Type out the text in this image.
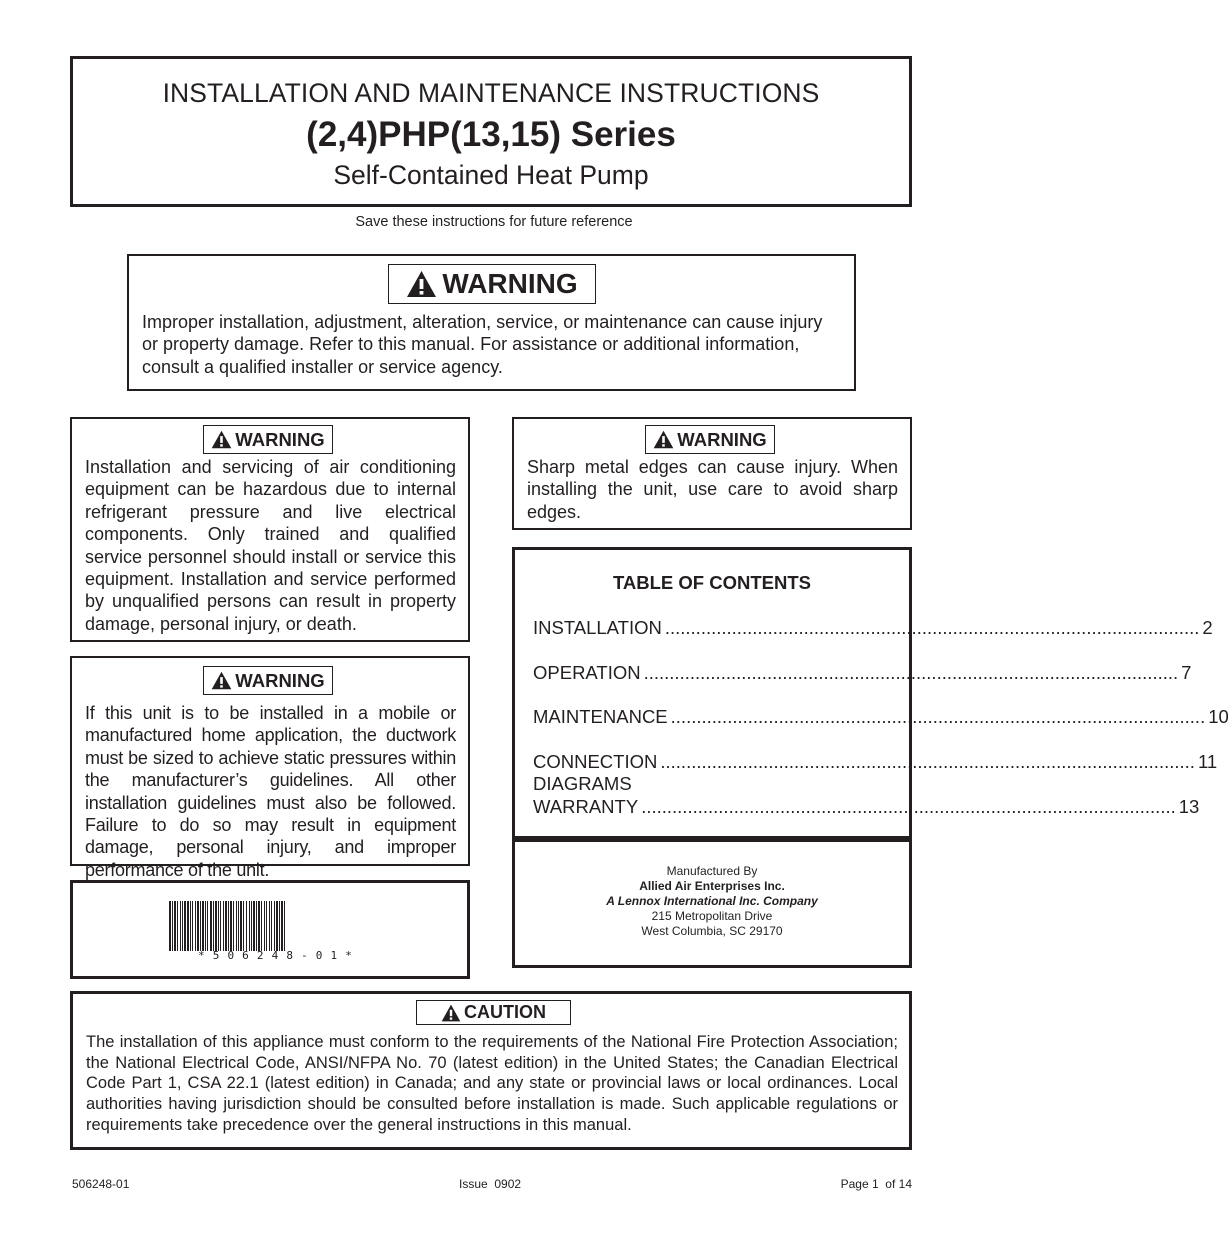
INSTALLATION AND MAINTENANCE INSTRUCTIONS
(2,4)PHP(13,15) Series
Self-Contained Heat Pump
Save these instructions for future reference
WARNING
Improper installation, adjustment, alteration, service, or maintenance can cause injury or property damage. Refer to this manual. For assistance or additional information, consult a qualified installer or service agency.
WARNING
Installation and servicing of air conditioning equipment can be hazardous due to internal refrigerant pressure and live electrical components. Only trained and qualified service personnel should install or service this equipment. Installation and service performed by unqualified persons can result in property damage, personal injury, or death.
WARNING
If this unit is to be installed in a mobile or manufactured home application, the ductwork must be sized to achieve static pressures within the manufacturer’s guidelines. All other installation guidelines must also be followed. Failure to do so may result in equipment damage, personal injury, and improper performance of the unit.
*506248-01*
WARNING
Sharp metal edges can cause injury. When installing the unit, use care to avoid sharp edges.
TABLE OF CONTENTS
INSTALLATION ........................................................................................................ 2
OPERATION ........................................................................................................ 7
MAINTENANCE ........................................................................................................ 10
CONNECTION DIAGRAMS
........................................................................................................ 11
WARRANTY ........................................................................................................ 13
Manufactured By
Allied Air Enterprises Inc.
A Lennox International Inc. Company
215 Metropolitan Drive
West Columbia, SC 29170
CAUTION
The installation of this appliance must conform to the requirements of the National Fire Protection Association; the National Electrical Code, ANSI/NFPA No. 70 (latest edition) in the United States; the Canadian Electrical Code Part 1, CSA 22.1 (latest edition) in Canada; and any state or provincial laws or local ordinances. Local authorities having jurisdiction should be consulted before installation is made. Such applicable regulations or requirements take precedence over the general instructions in this manual.
506248-01	Issue  0902	Page 1  of 14
